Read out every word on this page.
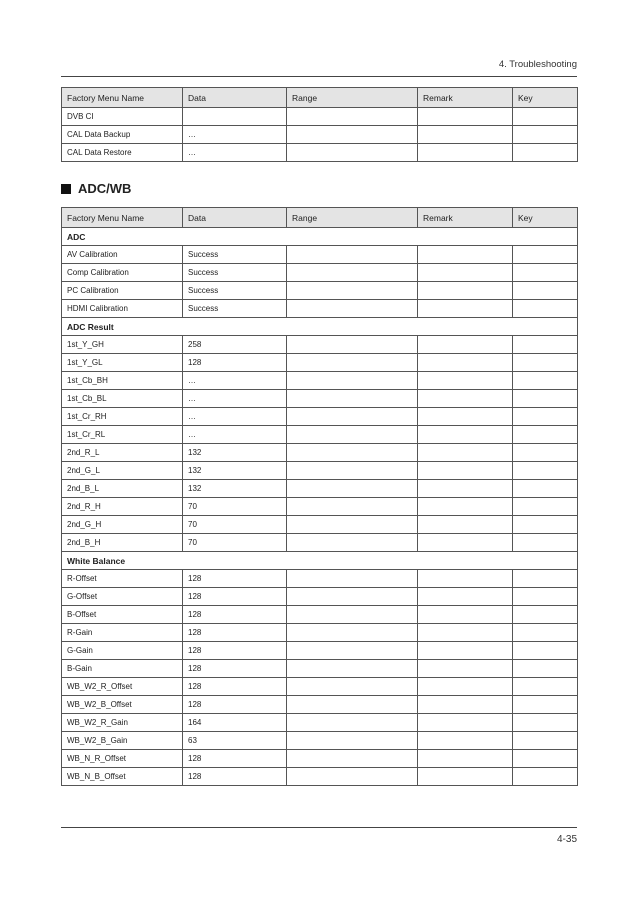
4. Troubleshooting
Factory Menu Name	Data	Range	Remark	Key
DVB CI				
CAL Data Backup	…			
CAL Data Restore	…			
ADC/WB
Factory Menu Name	Data	Range	Remark	Key
ADC				
AV Calibration	Success			
Comp Calibration	Success			
PC Calibration	Success			
HDMI Calibration	Success			
ADC Result				
1st_Y_GH	258			
1st_Y_GL	128			
1st_Cb_BH	…			
1st_Cb_BL	…			
1st_Cr_RH	…			
1st_Cr_RL	…			
2nd_R_L	132			
2nd_G_L	132			
2nd_B_L	132			
2nd_R_H	70			
2nd_G_H	70			
2nd_B_H	70			
White Balance				
R-Offset	128			
G-Offset	128			
B-Offset	128			
R-Gain	128			
G-Gain	128			
B-Gain	128			
WB_W2_R_Offset	128			
WB_W2_B_Offset	128			
WB_W2_R_Gain	164			
WB_W2_B_Gain	63			
WB_N_R_Offset	128			
WB_N_B_Offset	128			
4-35
